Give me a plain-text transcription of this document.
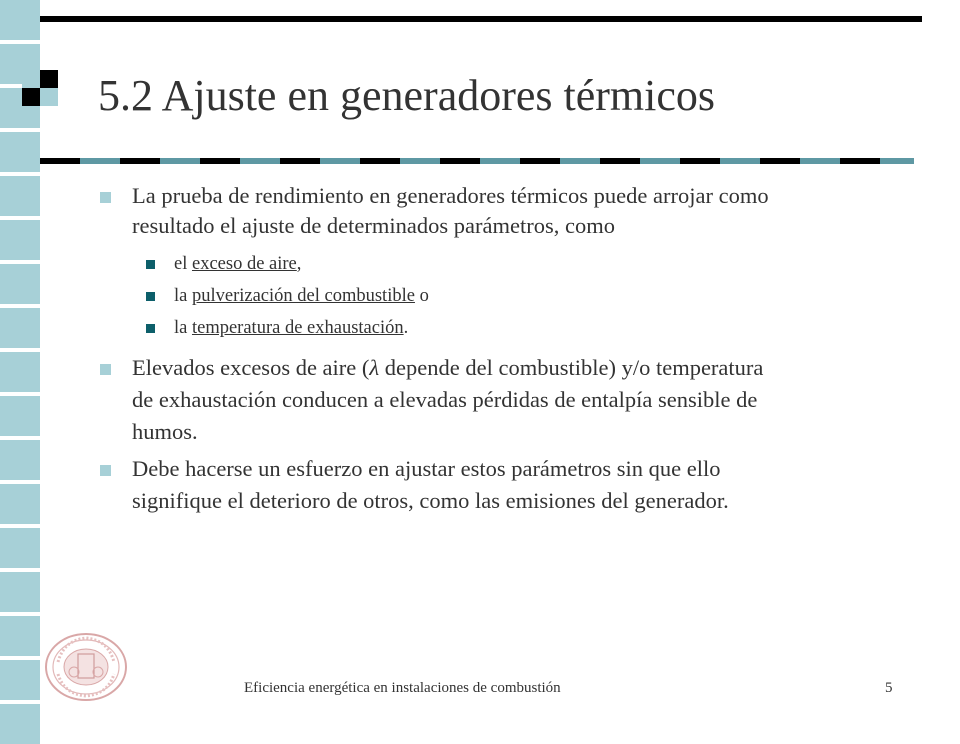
5.2 Ajuste en generadores térmicos
La prueba de rendimiento en generadores térmicos puede arrojar como
resultado el ajuste de determinados parámetros, como
el exceso de aire,
la pulverización del combustible o
la temperatura de exhaustación.
Elevados excesos de aire (λ depende del combustible) y/o temperatura
de exhaustación conducen a elevadas pérdidas de entalpía sensible de
humos.
Debe hacerse un esfuerzo en ajustar estos parámetros sin que ello
signifique el deterioro de otros, como las emisiones del generador.
Eficiencia energética en instalaciones de combustión	5
